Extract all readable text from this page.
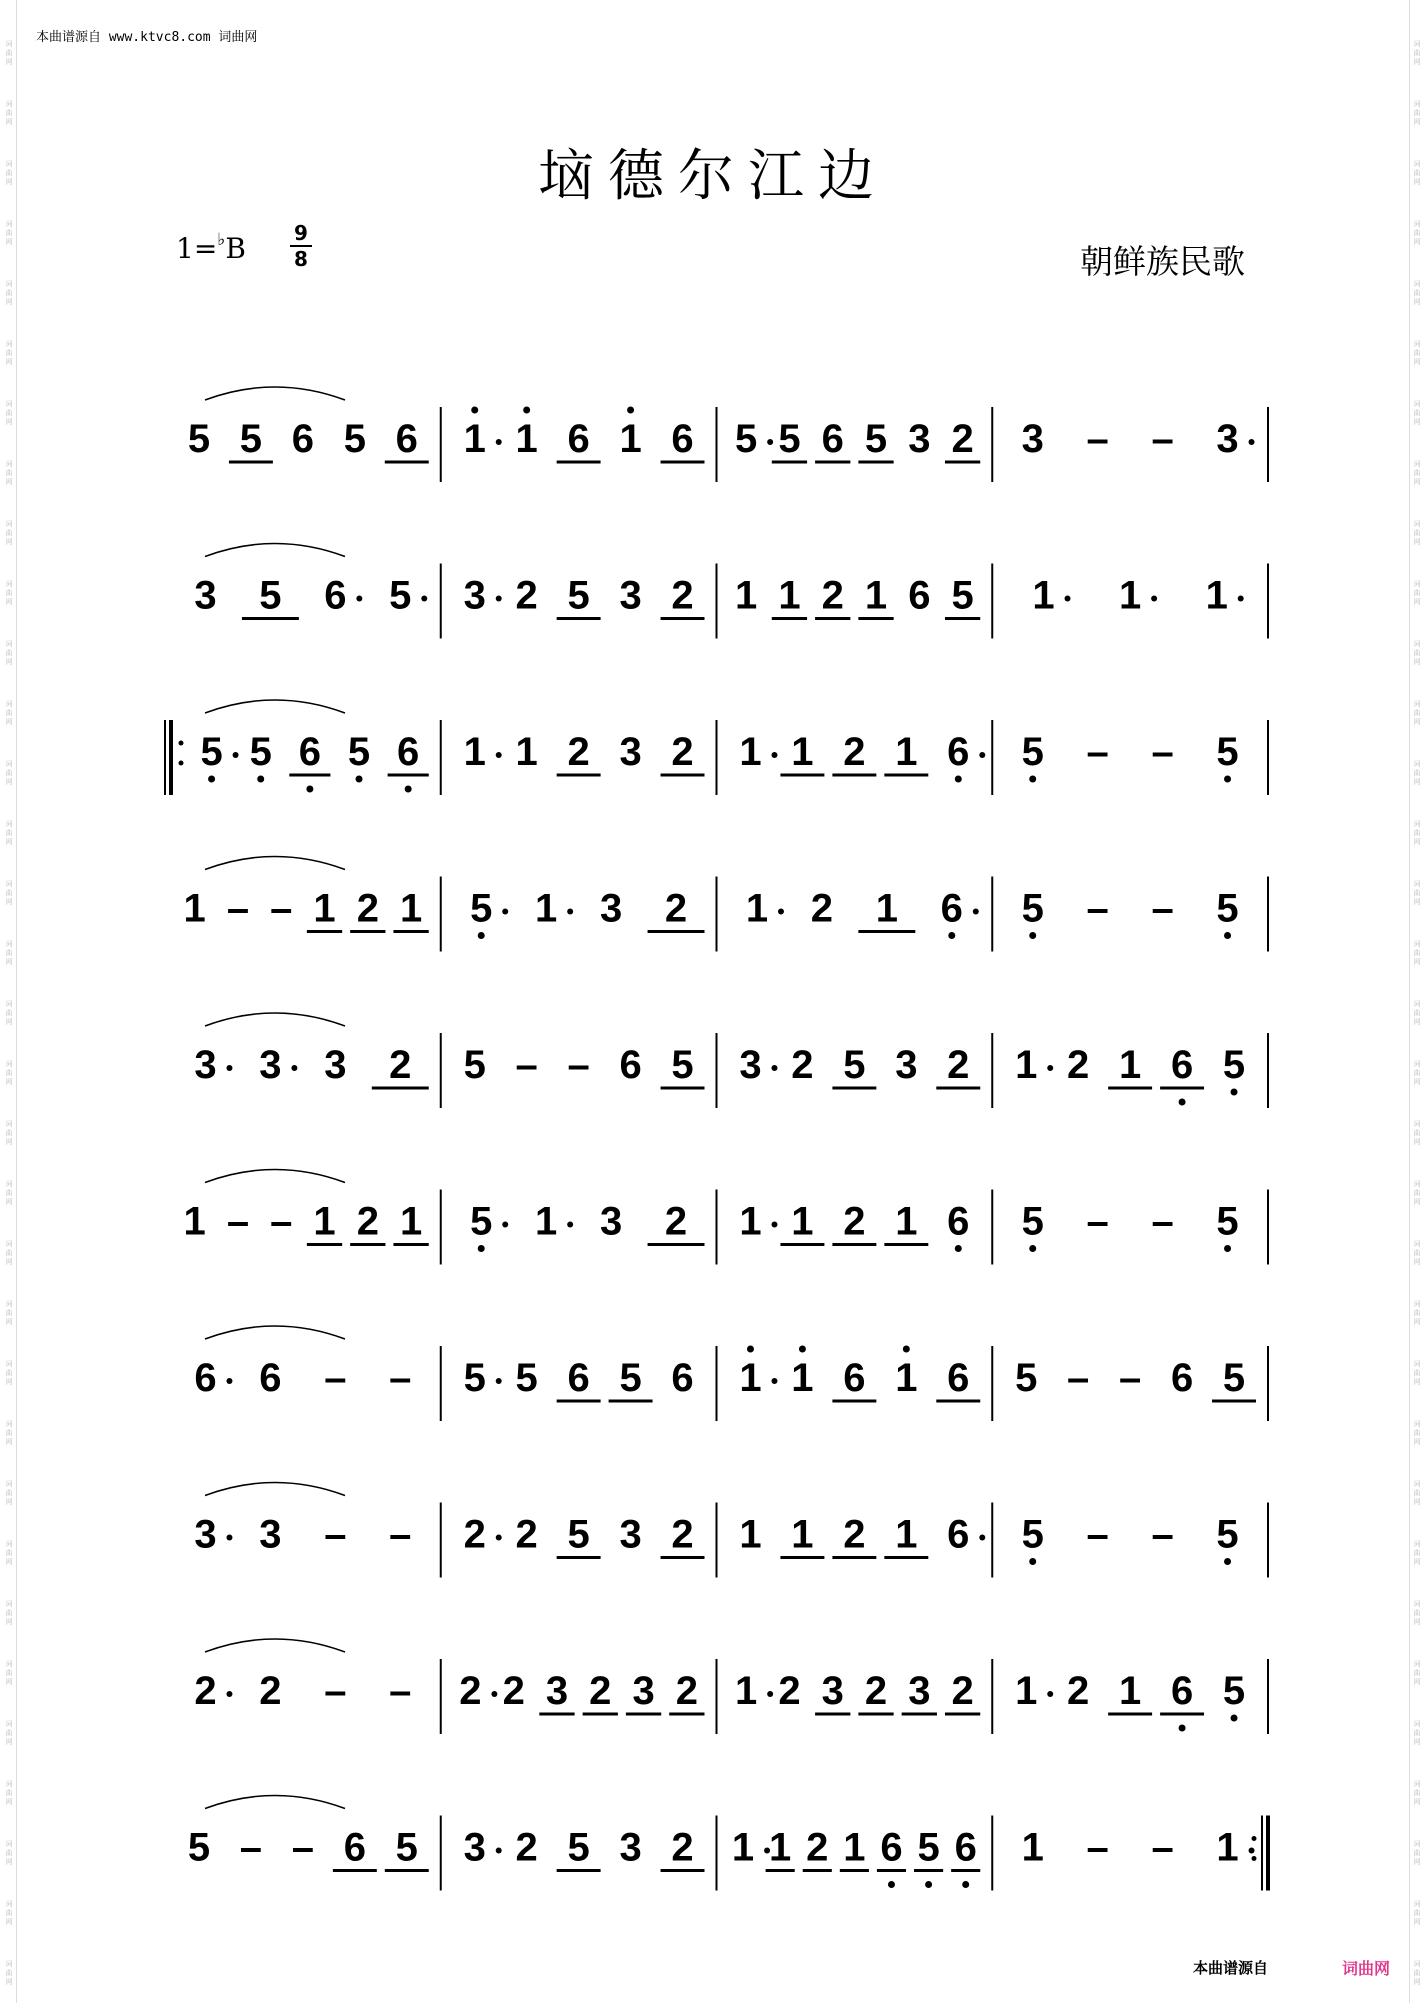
本曲谱源自 www.ktvc8.com 词曲网
词
曲
网
词
曲
网
词
曲
网
词
曲
网
词
曲
网
词
曲
网
词
曲
网
词
曲
网
词
曲
网
词
曲
网
词
曲
网
词
曲
网
词
曲
网
词
曲
网
词
曲
网
词
曲
网
词
曲
网
词
曲
网
词
曲
网
词
曲
网
词
曲
网
词
曲
网
词
曲
网
词
曲
网
词
曲
网
词
曲
网
词
曲
网
词
曲
网
词
曲
网
词
曲
网
词
曲
网
词
曲
网
词
曲
网
词
曲
网
词
曲
网
词
曲
网
词
曲
网
词
曲
网
词
曲
网
词
曲
网
词
曲
网
词
曲
网
词
曲
网
词
曲
网
词
曲
网
词
曲
网
词
曲
网
词
曲
网
词
曲
网
词
曲
网
词
曲
网
词
曲
网
词
曲
网
词
曲
网
词
曲
网
词
曲
网
词
曲
网
词
曲
网
词
曲
网
词
曲
网
词
曲
网
词
曲
网
词
曲
网
词
曲
网
词
曲
网
词
曲
网
垴德尔江边
1=♭B 9
8	朝鲜族民歌
5 5 6 5 6 1 1 6 1 6 5 5 6 5 3 2 3 – – 3
3 5 6 5 3 2 5 3 2 1 1 2 1 6 5 1 1 1
5 5 6 5 6 1 1 2 3 2 1 1 2 1 6 5 – – 5
1 – – 1 2 1 5 1 3 2 1 2 1 6 5 – – 5
3 3 3 2 5 – – 6 5 3 2 5 3 2 1 2 1 6 5
1 – – 1 2 1 5 1 3 2 1 1 2 1 6 5 – – 5
6 6 – – 5 5 6 5 6 1 1 6 1 6 5 – – 6 5
3 3 – – 2 2 5 3 2 1 1 2 1 6 5 – – 5
2 2 – – 2 2 3 2 3 2 1 2 3 2 3 2 1 2 1 6 5
5 – – 6 5 3 2 5 3 2 1 1 2 1 6 5 6 1 – – 1
本曲谱源自	词曲网
